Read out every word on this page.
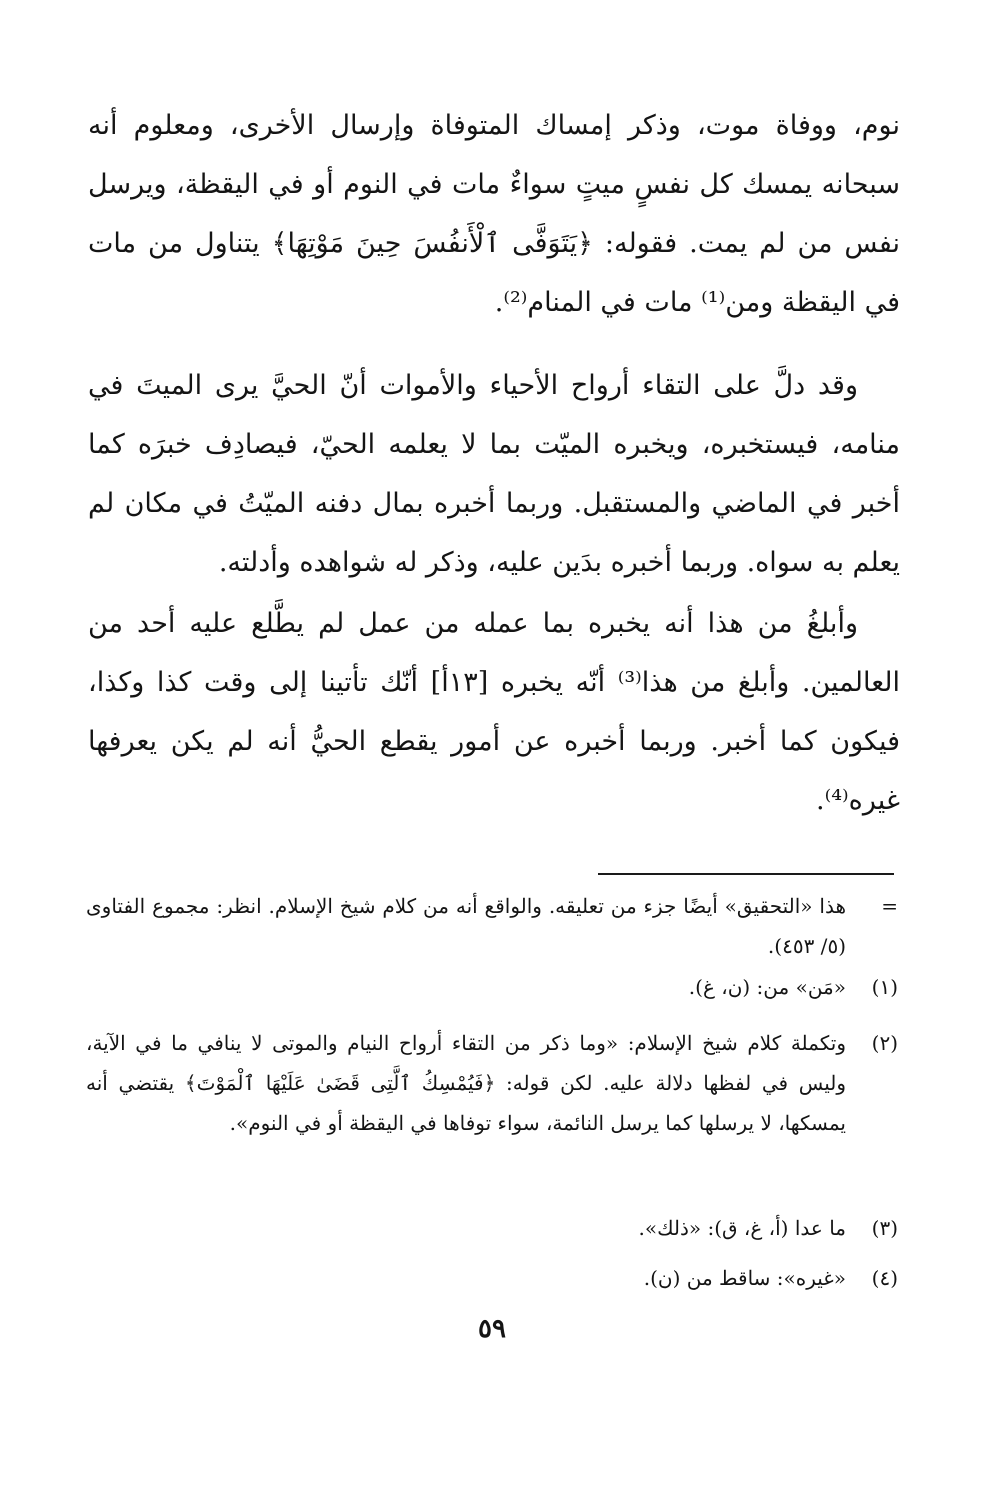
نوم، ووفاة موت، وذكر إمساك المتوفاة وإرسال الأخرى، ومعلوم أنه سبحانه يمسك كل نفسٍ ميتٍ سواءٌ مات في النوم أو في اليقظة، ويرسل نفس من لم يمت. فقوله: ﴿يَتَوَفَّى ٱلْأَنفُسَ حِينَ مَوْتِهَا﴾ يتناول من مات في اليقظة ومن⁽¹⁾ مات في المنام⁽²⁾.

وقد دلَّ على التقاء أرواح الأحياء والأموات أنّ الحيَّ يرى الميتَ في منامه، فيستخبره، ويخبره الميّت بما لا يعلمه الحيّ، فيصادِف خبرَه كما أخبر في الماضي والمستقبل. وربما أخبره بمال دفنه الميّتُ في مكان لم يعلم به سواه. وربما أخبره بدَين عليه، وذكر له شواهده وأدلته.

وأبلغُ من هذا أنه يخبره بما عمله من عمل لم يطَّلع عليه أحد من العالمين. وأبلغ من هذا⁽³⁾ أنّه يخبره [١٣أ] أنّك تأتينا إلى وقت كذا وكذا، فيكون كما أخبر. وربما أخبره عن أمور يقطع الحيُّ أنه لم يكن يعرفها غيره⁽⁴⁾.

=
هذا «التحقيق» أيضًا جزء من تعليقه. والواقع أنه من كلام شيخ الإسلام. انظر: مجموع الفتاوى (٥/ ٤٥٣).
(١)
«مَن» من: (ن، غ).
(٢)
وتكملة كلام شيخ الإسلام: «وما ذكر من التقاء أرواح النيام والموتى لا ينافي ما في الآية، وليس في لفظها دلالة عليه. لكن قوله: ﴿فَيُمْسِكُ ٱلَّتِى قَضَىٰ عَلَيْهَا ٱلْمَوْتَ﴾ يقتضي أنه يمسكها، لا يرسلها كما يرسل النائمة، سواء توفاها في اليقظة أو في النوم».
(٣)
ما عدا (أ، غ، ق): «ذلك».
(٤)
«غيره»: ساقط من (ن).
٥٩
